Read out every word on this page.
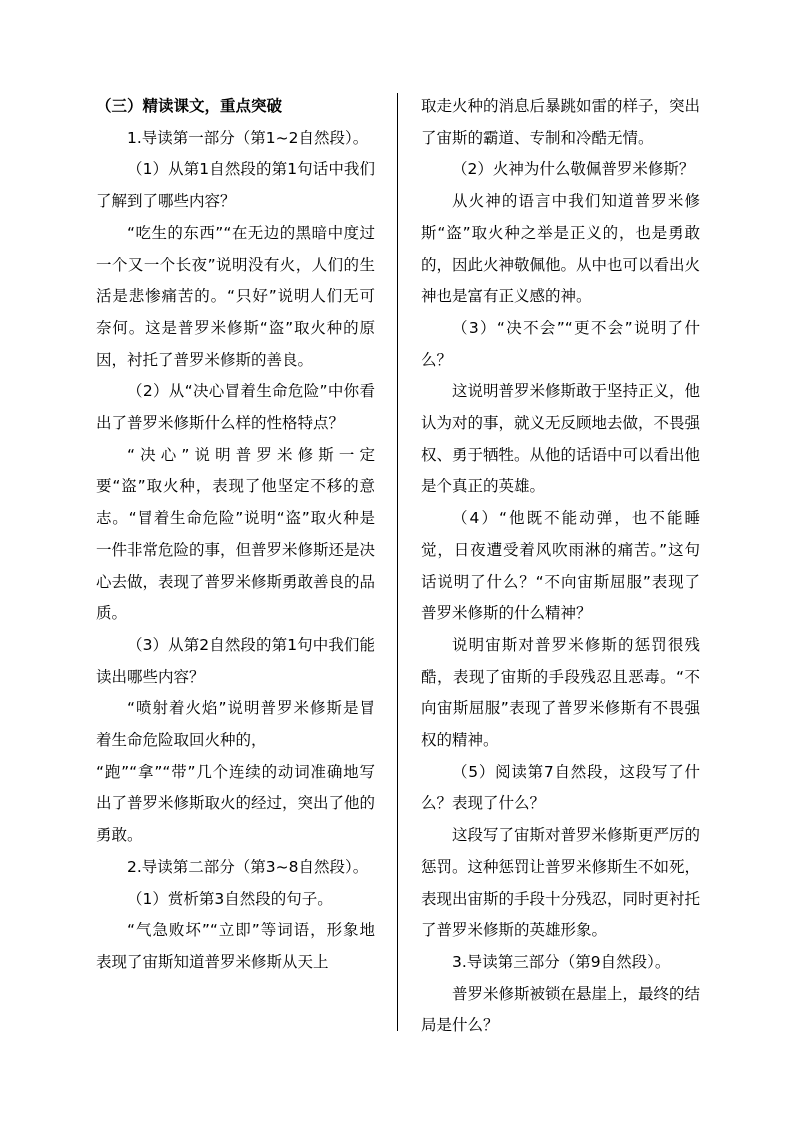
（三）精读课文，重点突破

1.导读第一部分（第1~2自然段）。

（1）从第1自然段的第1句话中我们了解到了哪些内容？

“吃生的东西”“在无边的黑暗中度过一个又一个长夜”说明没有火，人们的生活是悲惨痛苦的。“只好”说明人们无可奈何。这是普罗米修斯“盗”取火种的原因，衬托了普罗米修斯的善良。

（2）从“决心冒着生命危险”中你看出了普罗米修斯什么样的性格特点？

“决心”说明普罗米修斯一定要“盗”取火种，表现了他坚定不移的意志。“冒着生命危险”说明“盗”取火种是一件非常危险的事，但普罗米修斯还是决心去做，表现了普罗米修斯勇敢善良的品质。

（3）从第2自然段的第1句中我们能读出哪些内容？

“喷射着火焰”说明普罗米修斯是冒着生命危险取回火种的，

“跑”“拿”“带”几个连续的动词准确地写出了普罗米修斯取火的经过，突出了他的勇敢。

2.导读第二部分（第3~8自然段）。

（1）赏析第3自然段的句子。

“气急败坏”“立即”等词语，形象地表现了宙斯知道普罗米修斯从天上

取走火种的消息后暴跳如雷的样子，突出了宙斯的霸道、专制和冷酷无情。

（2）火神为什么敬佩普罗米修斯？

从火神的语言中我们知道普罗米修斯“盗”取火种之举是正义的，也是勇敢的，因此火神敬佩他。从中也可以看出火神也是富有正义感的神。

（3）“决不会”“更不会”说明了什么？

这说明普罗米修斯敢于坚持正义，他认为对的事，就义无反顾地去做，不畏强权、勇于牺牲。从他的话语中可以看出他是个真正的英雄。

（4）“他既不能动弹，也不能睡觉，日夜遭受着风吹雨淋的痛苦。”这句话说明了什么？“不向宙斯屈服”表现了普罗米修斯的什么精神？

说明宙斯对普罗米修斯的惩罚很残酷，表现了宙斯的手段残忍且恶毒。“不向宙斯屈服”表现了普罗米修斯有不畏强权的精神。

（5）阅读第7自然段，这段写了什么？表现了什么？

这段写了宙斯对普罗米修斯更严厉的惩罚。这种惩罚让普罗米修斯生不如死，表现出宙斯的手段十分残忍，同时更衬托了普罗米修斯的英雄形象。

3.导读第三部分（第9自然段）。

普罗米修斯被锁在悬崖上，最终的结局是什么？
